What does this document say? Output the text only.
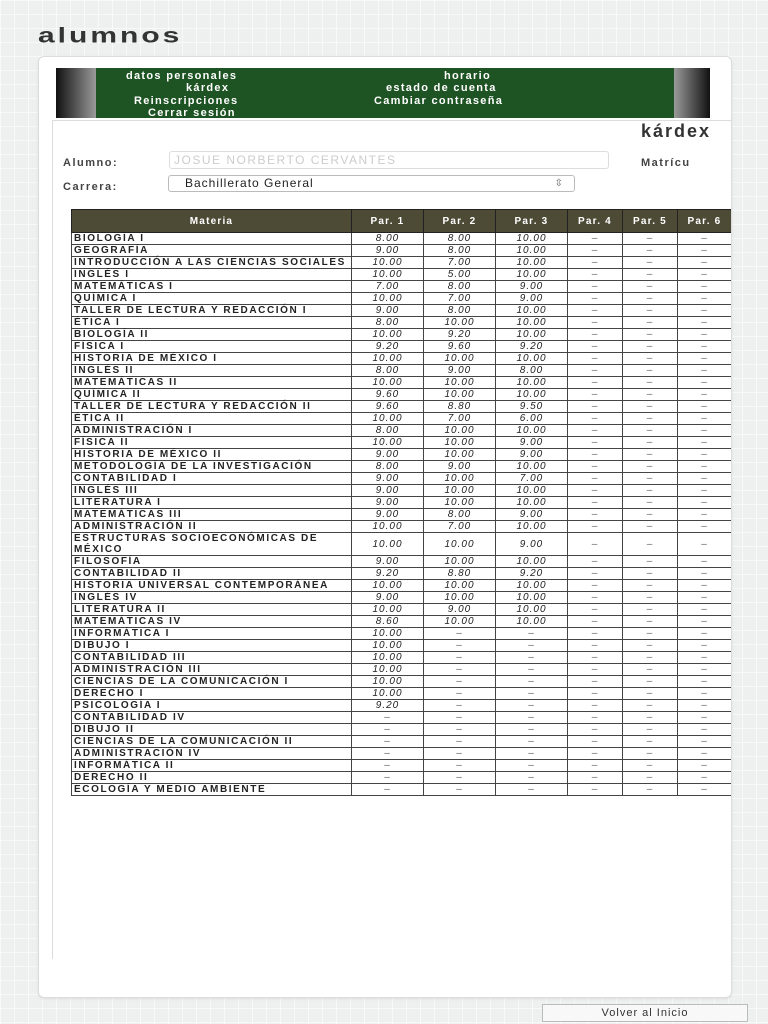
alumnos
datos personales	horario
kárdex	estado de cuenta
Reinscripciones	Cambiar contraseña
Cerrar sesión
kárdex
Alumno:
JOSUE NORBERTO CERVANTES	Matrícu
Carrera:	Bachillerato General	⇳
Materia	Par. 1	Par. 2	Par. 3	Par. 4	Par. 5	Par. 6
BIOLOGÍA I	8.00	8.00	10.00	–	–	–
GEOGRAFÍA	9.00	8.00	10.00	–	–	–
INTRODUCCIÓN A LAS CIENCIAS SOCIALES	10.00	7.00	10.00	–	–	–
INGLÉS I	10.00	5.00	10.00	–	–	–
MATEMÁTICAS I	7.00	8.00	9.00	–	–	–
QUÍMICA I	10.00	7.00	9.00	–	–	–
TALLER DE LECTURA Y REDACCIÓN I	9.00	8.00	10.00	–	–	–
ÉTICA I	8.00	10.00	10.00	–	–	–
BIOLOGÍA II	10.00	9.20	10.00	–	–	–
FÍSICA I	9.20	9.60	9.20	–	–	–
HISTORIA DE MÉXICO I	10.00	10.00	10.00	–	–	–
INGLÉS II	8.00	9.00	8.00	–	–	–
MATEMÁTICAS II	10.00	10.00	10.00	–	–	–
QUÍMICA II	9.60	10.00	10.00	–	–	–
TALLER DE LECTURA Y REDACCIÓN II	9.60	8.80	9.50	–	–	–
ÉTICA II	10.00	7.00	6.00	–	–	–
ADMINISTRACIÓN I	8.00	10.00	10.00	–	–	–
FÍSICA II	10.00	10.00	9.00	–	–	–
HISTORIA DE MÉXICO II	9.00	10.00	9.00	–	–	–
METODOLOGÍA DE LA INVESTIGACIÓN	8.00	9.00	10.00	–	–	–
CONTABILIDAD I	9.00	10.00	7.00	–	–	–
INGLÉS III	9.00	10.00	10.00	–	–	–
LITERATURA I	9.00	10.00	10.00	–	–	–
MATEMÁTICAS III	9.00	8.00	9.00	–	–	–
ADMINISTRACIÓN II	10.00	7.00	10.00	–	–	–
ESTRUCTURAS SOCIOECONÓMICAS DE MÉXICO	10.00	10.00	9.00	–	–	–
FILOSOFÍA	9.00	10.00	10.00	–	–	–
CONTABILIDAD II	9.20	8.80	9.20	–	–	–
HISTORIA UNIVERSAL CONTEMPORÁNEA	10.00	10.00	10.00	–	–	–
INGLÉS IV	9.00	10.00	10.00	–	–	–
LITERATURA II	10.00	9.00	10.00	–	–	–
MATEMÁTICAS IV	8.60	10.00	10.00	–	–	–
INFORMÁTICA I	10.00	–	–	–	–	–
DIBUJO I	10.00	–	–	–	–	–
CONTABILIDAD III	10.00	–	–	–	–	–
ADMINISTRACIÓN III	10.00	–	–	–	–	–
CIENCIAS DE LA COMUNICACIÓN I	10.00	–	–	–	–	–
DERECHO I	10.00	–	–	–	–	–
PSICOLOGÍA I	9.20	–	–	–	–	–
CONTABILIDAD IV	–	–	–	–	–	–
DIBUJO II	–	–	–	–	–	–
CIENCIAS DE LA COMUNICACIÓN II	–	–	–	–	–	–
ADMINISTRACIÓN IV	–	–	–	–	–	–
INFORMÁTICA II	–	–	–	–	–	–
DERECHO II	–	–	–	–	–	–
ECOLOGÍA Y MEDIO AMBIENTE	–	–	–	–	–	–
Volver al Inicio
